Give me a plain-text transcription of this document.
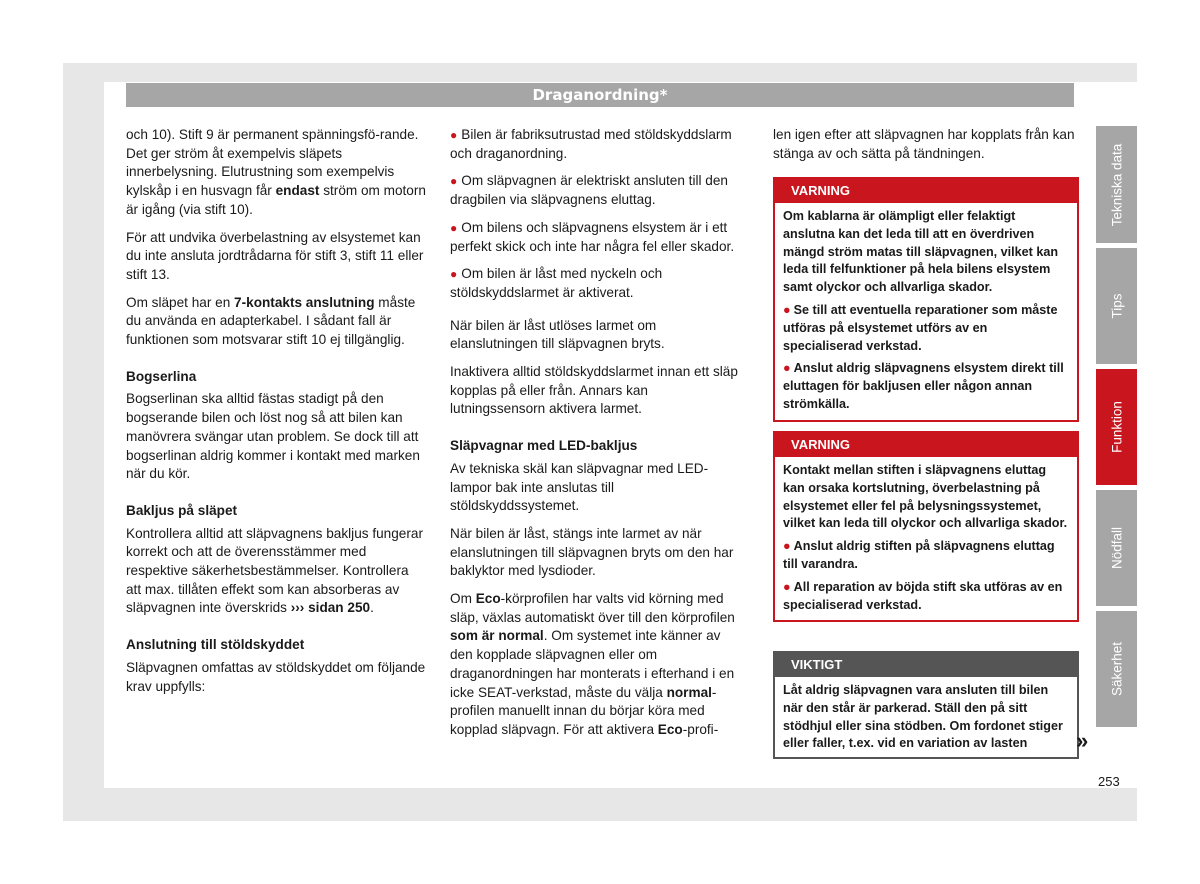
Draganordning*

och 10). Stift 9 är permanent spänningsfö-rande. Det ger ström åt exempelvis släpets innerbelysning. Elutrustning som exempelvis kylskåp i en husvagn får endast ström om motorn är igång (via stift 10).

För att undvika överbelastning av elsystemet kan du inte ansluta jordtrådarna för stift 3, stift 11 eller stift 13.

Om släpet har en 7-kontakts anslutning måste du använda en adapterkabel. I sådant fall är funktionen som motsvarar stift 10 ej tillgänglig.

Bogserlina

Bogserlinan ska alltid fästas stadigt på den bogserande bilen och löst nog så att bilen kan manövrera svängar utan problem. Se dock till att bogserlinan aldrig kommer i kontakt med marken när du kör.

Bakljus på släpet

Kontrollera alltid att släpvagnens bakljus fungerar korrekt och att de överensstämmer med respektive säkerhetsbestämmelser. Kontrollera att max. tillåten effekt som kan absorberas av släpvagnen inte överskrids ››› sidan 250.

Anslutning till stöldskyddet

Släpvagnen omfattas av stöldskyddet om följande krav uppfylls:

● Bilen är fabriksutrustad med stöldskyddslarm och draganordning.

● Om släpvagnen är elektriskt ansluten till den dragbilen via släpvagnens eluttag.

● Om bilens och släpvagnens elsystem är i ett perfekt skick och inte har några fel eller skador.

● Om bilen är låst med nyckeln och stöldskyddslarmet är aktiverat.

När bilen är låst utlöses larmet om elanslutningen till släpvagnen bryts.

Inaktivera alltid stöldskyddslarmet innan ett släp kopplas på eller från. Annars kan lutningssensorn aktivera larmet.

Släpvagnar med LED-bakljus

Av tekniska skäl kan släpvagnar med LED-lampor bak inte anslutas till stöldskyddssystemet.

När bilen är låst, stängs inte larmet av när elanslutningen till släpvagnen bryts om den har baklyktor med lysdioder.

Om Eco-körprofilen har valts vid körning med släp, växlas automatiskt över till den körprofilen som är normal. Om systemet inte känner av den kopplade släpvagnen eller om draganordningen har monterats i efterhand i en icke SEAT-verkstad, måste du välja normal-profilen manuellt innan du börjar köra med kopplad släpvagn. För att aktivera Eco-profi-

len igen efter att släpvagnen har kopplats från kan stänga av och sätta på tändningen.

VARNING

Om kablarna är olämpligt eller felaktigt anslutna kan det leda till att en överdriven mängd ström matas till släpvagnen, vilket kan leda till felfunktioner på hela bilens elsystem samt olyckor och allvarliga skador.

● Se till att eventuella reparationer som måste utföras på elsystemet utförs av en specialiserad verkstad.

● Anslut aldrig släpvagnens elsystem direkt till eluttagen för bakljusen eller någon annan strömkälla.

VARNING

Kontakt mellan stiften i släpvagnens eluttag kan orsaka kortslutning, överbelastning på elsystemet eller fel på belysningssystemet, vilket kan leda till olyckor och allvarliga skador.

● Anslut aldrig stiften på släpvagnens eluttag till varandra.

● All reparation av böjda stift ska utföras av en specialiserad verkstad.

VIKTIGT
Låt aldrig släpvagnen vara ansluten till bilen när den står är parkerad. Ställ den på sitt stödhjul eller sina stödben. Om fordonet stiger eller faller, t.ex. vid en variation av lasten	»
Tekniska data
Tips
Funktion
Nödfall
Säkerhet
253
